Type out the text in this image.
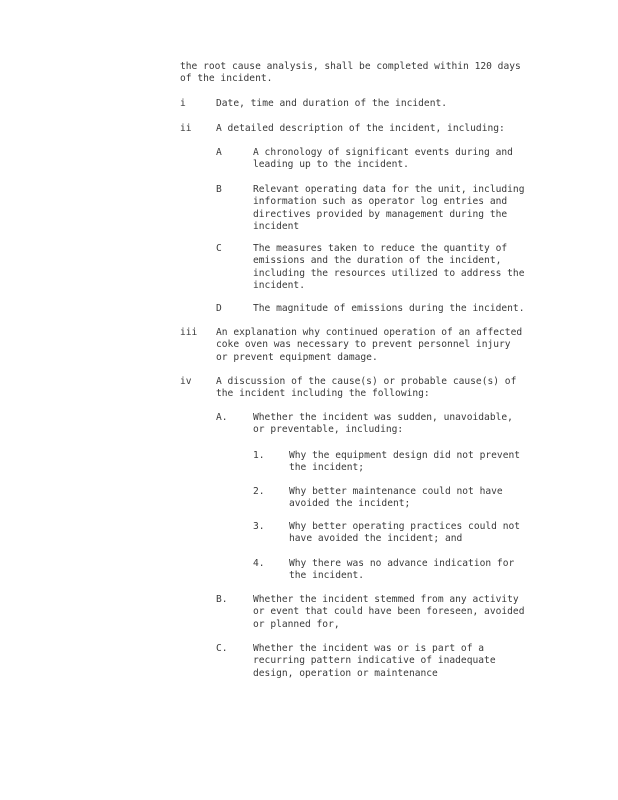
the root cause analysis, shall be completed within 120 days
of the incident.
i	Date, time and duration of the incident.
ii	A detailed description of the incident, including:
A	A chronology of significant events during and
leading up to the incident.
B	Relevant operating data for the unit, including
information such as operator log entries and
directives provided by management during the
incident
C	The measures taken to reduce the quantity of
emissions and the duration of the incident,
including the resources utilized to address the
incident.
D	The magnitude of emissions during the incident.
iii An explanation why continued operation of an affected
coke oven was necessary to prevent personnel injury
or prevent equipment damage.
iv	A discussion of the cause(s) or probable cause(s) of
the incident including the following:
A.	Whether the incident was sudden, unavoidable,
or preventable, including:
1.	Why the equipment design did not prevent
the incident;
2.	Why better maintenance could not have
avoided the incident;
3.	Why better operating practices could not
have avoided the incident; and
4.	Why there was no advance indication for
the incident.
B.	Whether the incident stemmed from any activity
or event that could have been foreseen, avoided
or planned for,
C.	Whether the incident was or is part of a
recurring pattern indicative of inadequate
design, operation or maintenance
